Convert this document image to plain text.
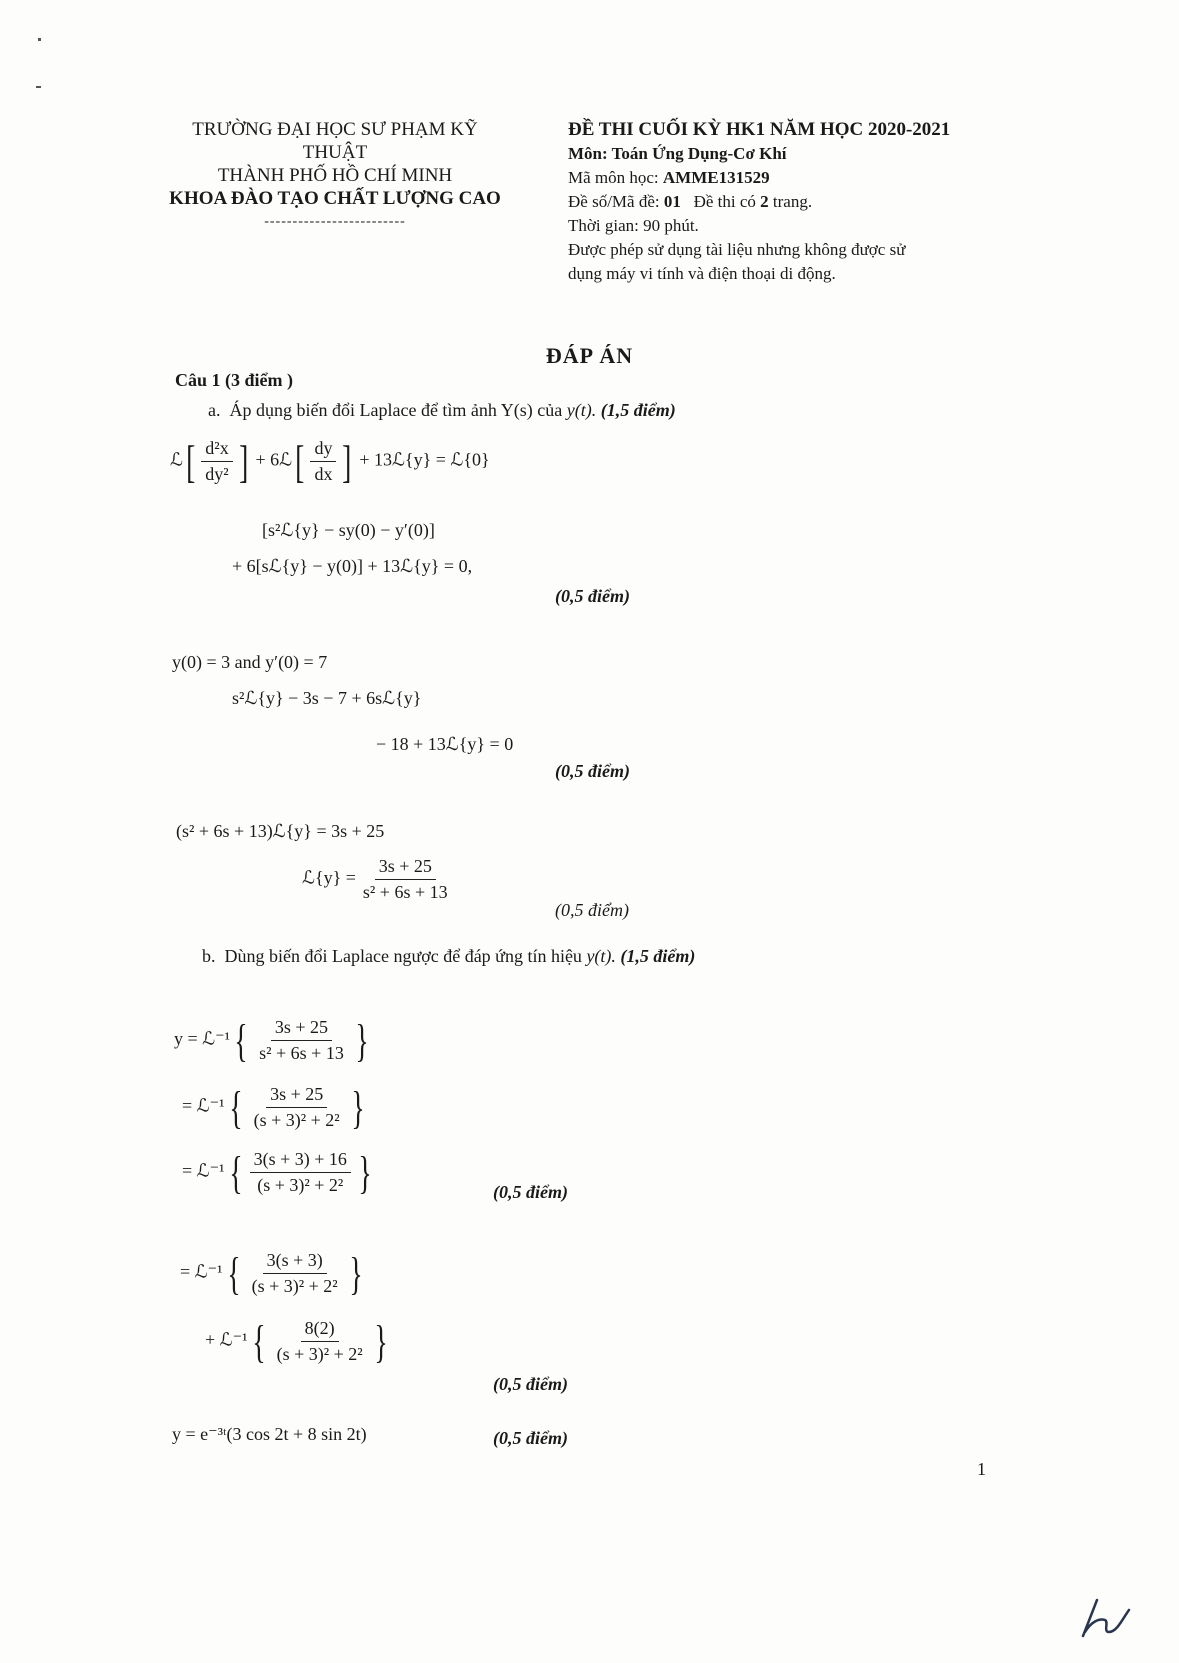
TRƯỜNG ĐẠI HỌC SƯ PHẠM KỸ
THUẬT
THÀNH PHỐ HỒ CHÍ MINH
KHOA ĐÀO TẠO CHẤT LƯỢNG CAO
-------------------------
ĐỀ THI CUỐI KỲ HK1 NĂM HỌC 2020-2021
Môn: Toán Ứng Dụng-Cơ Khí
Mã môn học: AMME131529
Đề số/Mã đề: 01 Đề thi có 2 trang.
Thời gian: 90 phút.
Được phép sử dụng tài liệu nhưng không được sử
dụng máy vi tính và điện thoại di động.
ĐÁP ÁN
Câu 1 (3 điểm )
a. Áp dụng biến đổi Laplace để tìm ảnh Y(s) của y(t). (1,5 điểm)
ℒ [ $\frac{\text{d²x}}{\text{dy²}}$ ] + 6ℒ [ $\frac{dy}{dx}$ ] + 13ℒ{y} = ℒ{0}
[s²ℒ{y} − sy(0) − y′(0)]
+ 6[sℒ{y} − y(0)] + 13ℒ{y} = 0,
(0,5 điểm)
y(0) = 3 and y′(0) = 7
s²ℒ{y} − 3s − 7 + 6sℒ{y}
− 18 + 13ℒ{y} = 0
(0,5 điểm)
(s² + 6s + 13)ℒ{y} = 3s + 25
ℒ{y} = $\frac{3s + 25}{\text{s² + 6s + 13}}$
(0,5 điểm)
b. Dùng biến đổi Laplace ngược để đáp ứng tín hiệu y(t). (1,5 điểm)
y = ℒ⁻¹ { $\frac{3s + 25}{\text{s² + 6s + 13}}$ }
= ℒ⁻¹ { $\frac{3s + 25}{\text{(s + 3)² + 2²}}$ }
= ℒ⁻¹ { $\frac{3(s + 3) + 16}{\text{(s + 3)² + 2²}}$ }	(0,5 điểm)
= ℒ⁻¹ { $\frac{3(s + 3)}{\text{(s + 3)² + 2²}}$ }
+ ℒ⁻¹ { $\frac{8(2)}{\text{(s + 3)² + 2²}}$ }
(0,5 điểm)
y = e⁻³ᵗ(3 cos 2t + 8 sin 2t)	(0,5 điểm)
1
